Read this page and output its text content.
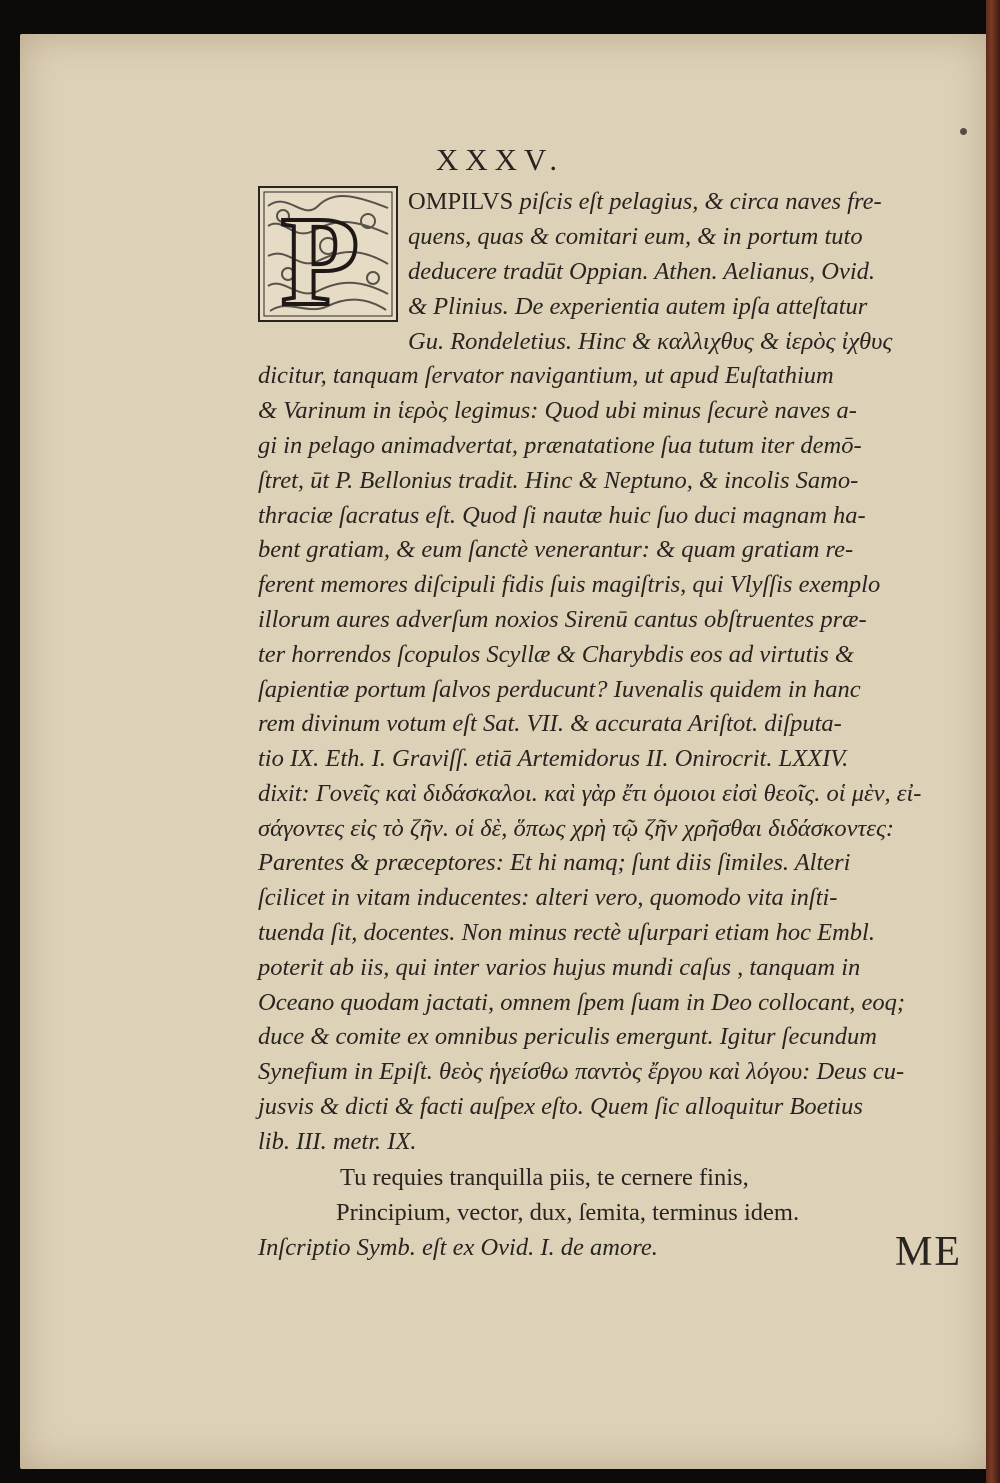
XXXV.
P OMPILVS piſcis eſt pelagius, & circa naves fre-
quens, quas & comitari eum, & in portum tuto
deducere tradūt Oppian. Athen. Aelianus, Ovid.
& Plinius. De experientia autem ipſa atteſtatur
Gu. Rondeletius. Hinc & καλλιχθυς & ἱερὸς ἰχθυς
dicitur, tanquam ſervator navigantium, ut apud Euſtathium
& Varinum in ἱερὸς legimus: Quod ubi minus ſecurè naves a-
gi in pelago animadvertat, prænatatione ſua tutum iter demō-
ſtret, ūt P. Bellonius tradit. Hinc & Neptuno, & incolis Samo-
thraciæ ſacratus eſt. Quod ſi nautæ huic ſuo duci magnam ha-
bent gratiam, & eum ſanctè venerantur: & quam gratiam re-
ferent memores diſcipuli fidis ſuis magiſtris, qui Vlyſſis exemplo
illorum aures adverſum noxios Sirenū cantus obſtruentes præ-
ter horrendos ſcopulos Scyllæ & Charybdis eos ad virtutis &
ſapientiæ portum ſalvos perducunt? Iuvenalis quidem in hanc
rem divinum votum eſt Sat. VII. & accurata Ariſtot. diſputa-
tio IX. Eth. I. Graviſſ. etiā Artemidorus II. Onirocrit. LXXIV.
dixit: Γονεῖς καὶ διδάσκαλοι. καὶ γὰρ ἔτι ὁμοιοι εἰσὶ θεοῖς. οἱ μὲν, εἰ-
σάγοντες εἰς τὸ ζῆν. οἱ δὲ, ὅπως χρὴ τῷ ζῆν χρῆσθαι διδάσκοντες:
Parentes & præceptores: Et hi namq; ſunt diis ſimiles. Alteri
ſcilicet in vitam inducentes: alteri vero, quomodo vita inſti-
tuenda ſit, docentes. Non minus rectè uſurpari etiam hoc Embl.
poterit ab iis, qui inter varios hujus mundi caſus , tanquam in
Oceano quodam jactati, omnem ſpem ſuam in Deo collocant, eoq;
duce & comite ex omnibus periculis emergunt. Igitur ſecundum
Synefium in Epiſt. θεὸς ἡγείσθω παντὸς ἔργου καὶ λόγου: Deus cu-
jusvis & dicti & facti auſpex eſto. Quem ſic alloquitur Boetius
lib. III. metr. IX.
Tu requies tranquilla piis, te cernere finis,
Principium, vector, dux, ſemita, terminus idem.
Inſcriptio Symb. eſt ex Ovid. I. de amore.	ME
